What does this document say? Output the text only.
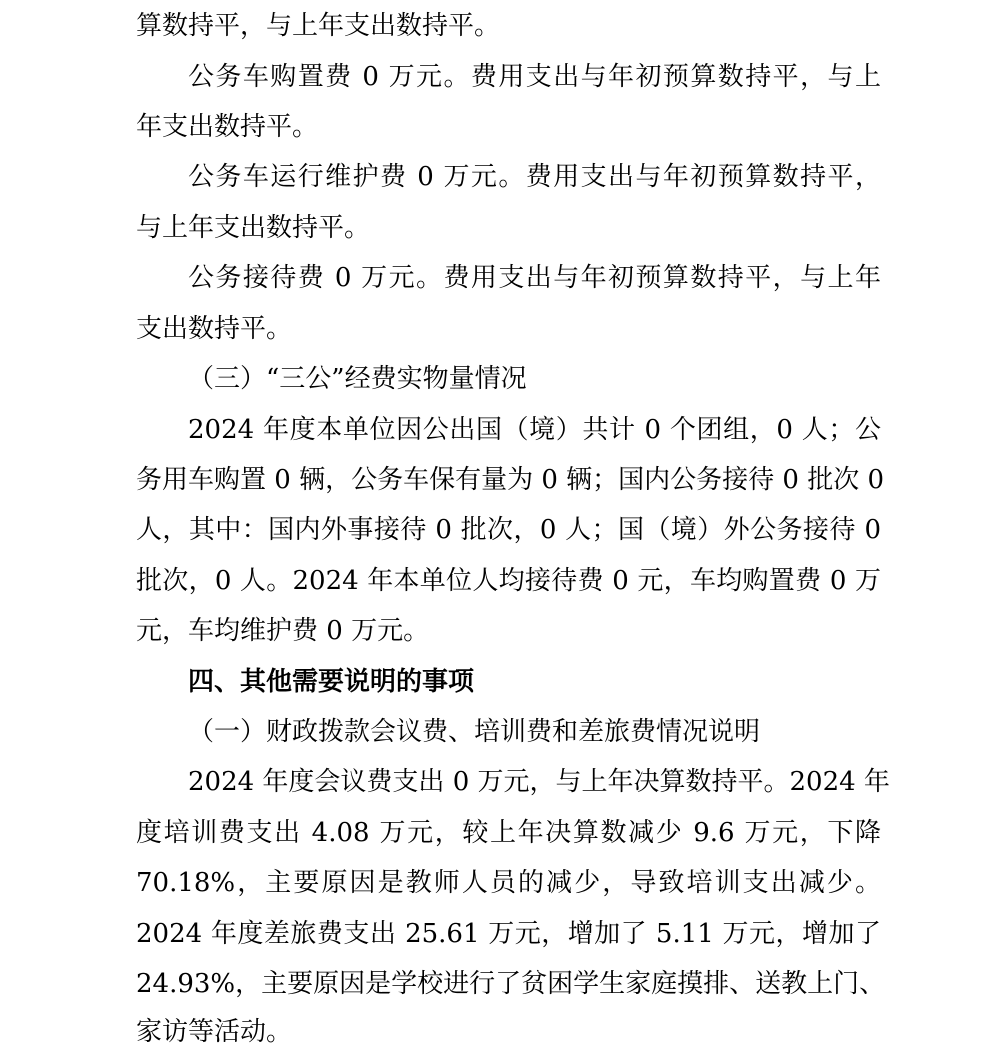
算数持平，与上年支出数持平。
公务车购置费 0 万元。费用支出与年初预算数持平，与上
年支出数持平。
公务车运行维护费 0 万元。费用支出与年初预算数持平，
与上年支出数持平。
公务接待费 0 万元。费用支出与年初预算数持平，与上年
支出数持平。
（三）“三公”经费实物量情况
2024 年度本单位因公出国（境）共计 0 个团组，0 人；公
务用车购置 0 辆，公务车保有量为 0 辆；国内公务接待 0 批次 0
人，其中：国内外事接待 0 批次，0 人；国（境）外公务接待 0
批次，0 人。2024 年本单位人均接待费 0 元，车均购置费 0 万
元，车均维护费 0 万元。
四、其他需要说明的事项
（一）财政拨款会议费、培训费和差旅费情况说明
2024 年度会议费支出 0 万元，与上年决算数持平。2024 年
度培训费支出 4.08 万元，较上年决算数减少 9.6 万元，下降
70.18%，主要原因是教师人员的减少，导致培训支出减少。
2024 年度差旅费支出 25.61 万元，增加了 5.11 万元，增加了
24.93%，主要原因是学校进行了贫困学生家庭摸排、送教上门、
家访等活动。
